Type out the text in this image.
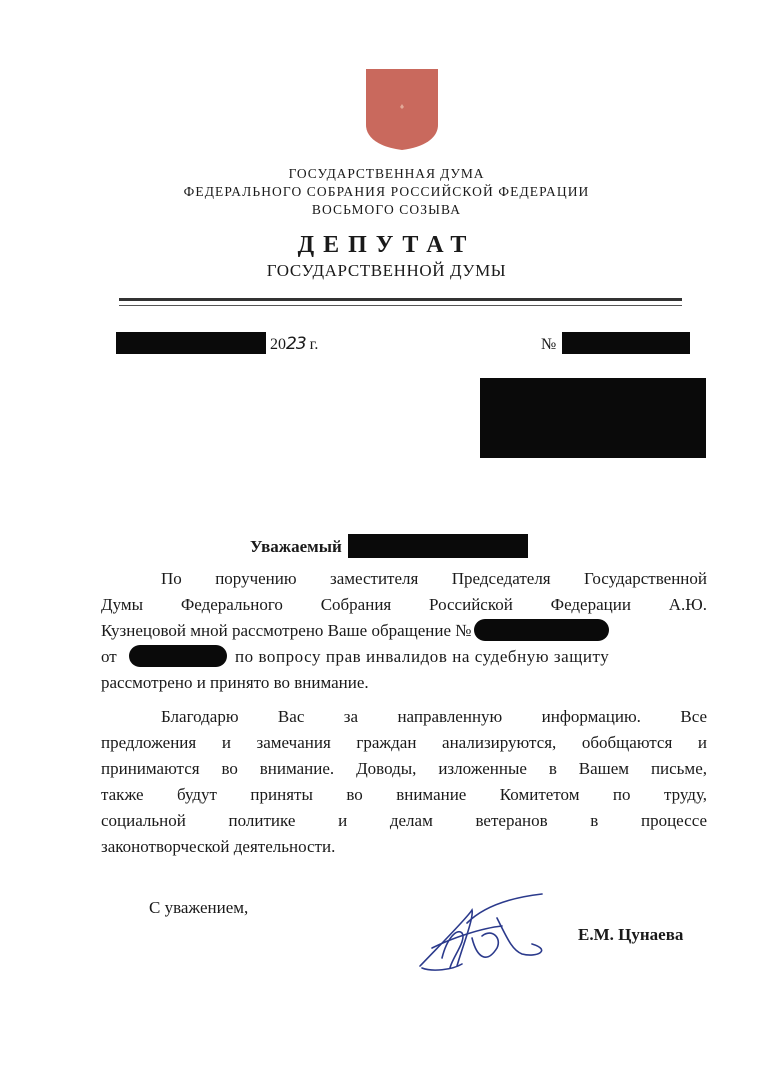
ГОСУДАРСТВЕННАЯ ДУМА
ФЕДЕРАЛЬНОГО СОБРАНИЯ РОССИЙСКОЙ ФЕДЕРАЦИИ
ВОСЬМОГО СОЗЫВА
ДЕПУТАТ
ГОСУДАРСТВЕННОЙ ДУМЫ
2023 г.	№
Уважаемый
По поручению заместителя Председателя Государственной
Думы Федерального Собрания Российской Федерации А.Ю.
Кузнецовой мной рассмотрено Ваше обращение №
от	по вопросу прав инвалидов на судебную защиту
рассмотрено и принято во внимание.
Благодарю Вас за направленную информацию. Все
предложения и замечания граждан анализируются, обобщаются и
принимаются во внимание. Доводы, изложенные в Вашем письме,
также будут приняты во внимание Комитетом по труду,
социальной политике и делам ветеранов в процессе
законотворческой деятельности.
С уважением,
Е.М. Цунаева
